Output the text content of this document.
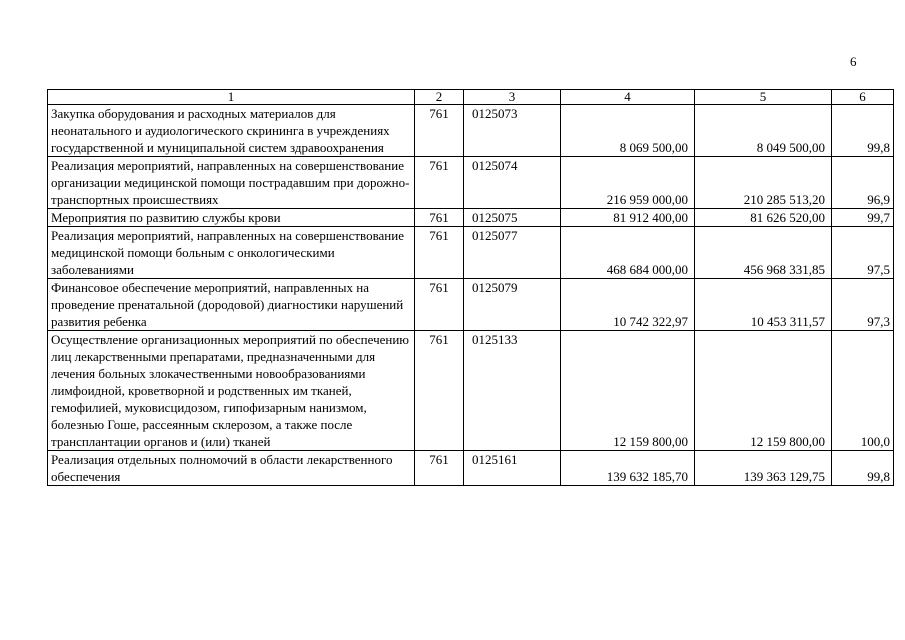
6
1	2	3	4	5	6
Закупка оборудования и расходных материалов для неонатального и аудиологического скрининга в учреждениях государственной и муниципальной систем здравоохранения	761	0125073	8 069 500,00	8 049 500,00	99,8
Реализация мероприятий, направленных на совершенствование организации медицинской помощи пострадавшим при дорожно-транспортных происшествиях	761	0125074	216 959 000,00	210 285 513,20	96,9
Мероприятия по развитию службы крови	761	0125075	81 912 400,00	81 626 520,00	99,7
Реализация мероприятий, направленных на совершенствование медицинской помощи больным с онкологическими заболеваниями	761	0125077	468 684 000,00	456 968 331,85	97,5
Финансовое обеспечение мероприятий, направленных на проведение пренатальной (дородовой) диагностики нарушений развития ребенка	761	0125079	10 742 322,97	10 453 311,57	97,3
Осуществление организационных мероприятий по обеспечению лиц лекарственными препаратами, предназначенными для лечения больных злокачественными новообразованиями лимфоидной, кроветворной и родственных им тканей, гемофилией, муковисцидозом, гипофизарным нанизмом, болезнью Гоше, рассеянным склерозом, а также после трансплантации органов и (или) тканей	761	0125133	12 159 800,00	12 159 800,00	100,0
Реализация отдельных полномочий в области лекарственного обеспечения	761	0125161	139 632 185,70	139 363 129,75	99,8
